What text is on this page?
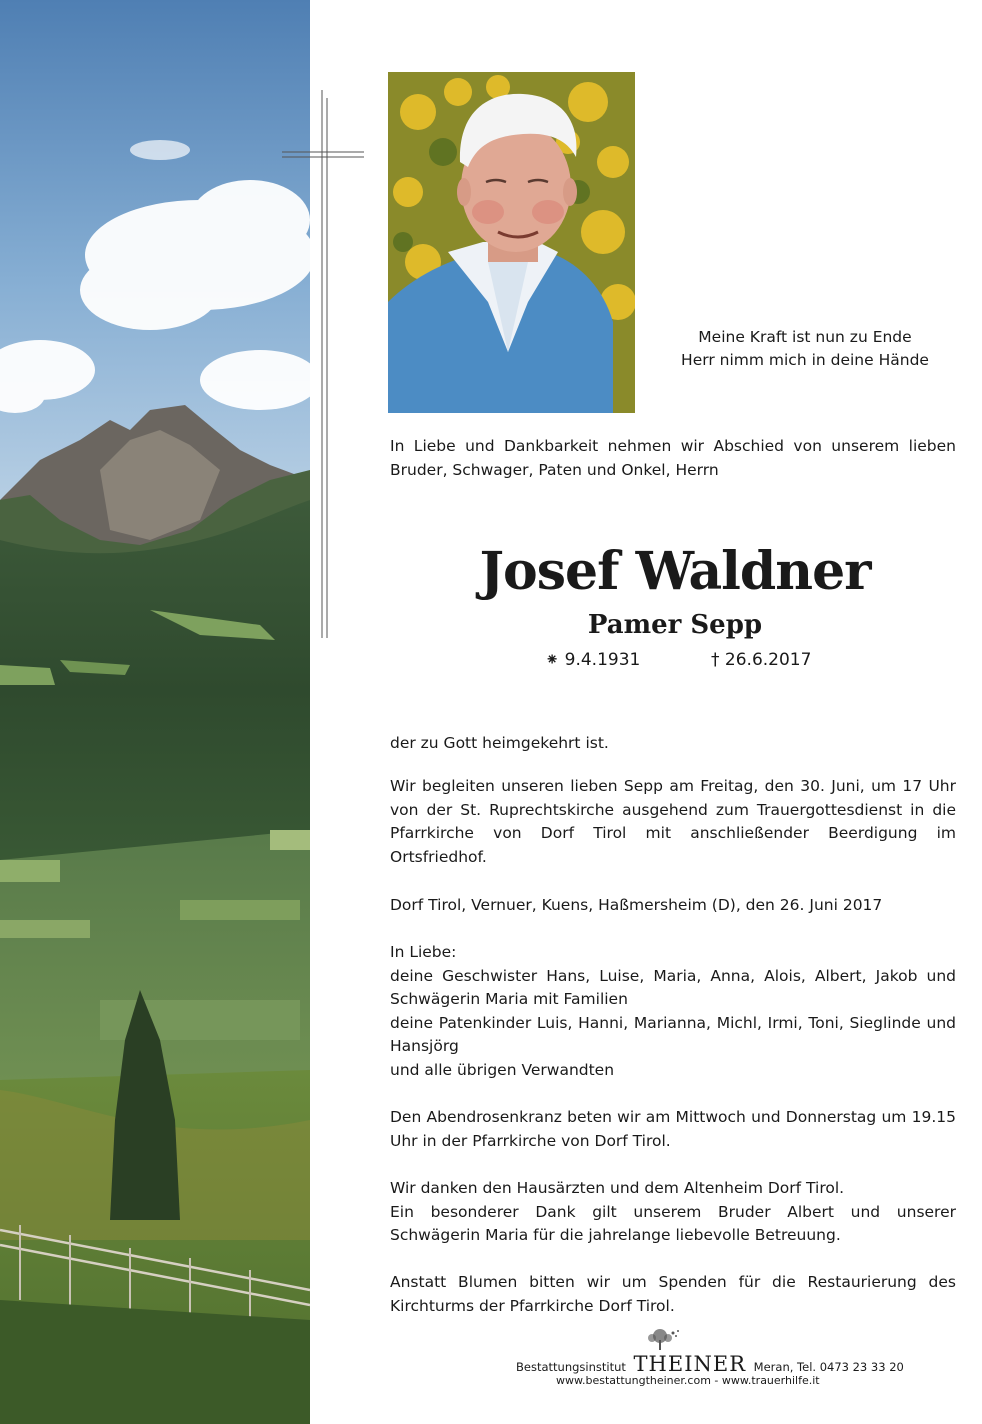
Meine Kraft ist nun zu Ende
Herr nimm mich in deine Hände

In Liebe und Dankbarkeit nehmen wir Abschied von unserem lieben Bruder, Schwager, Paten und Onkel, Herrn

Josef Waldner
Pamer Sepp
⁕ 9.4.1931	† 26.6.2017
der zu Gott heimgekehrt ist.

Wir begleiten unseren lieben Sepp am Freitag, den 30. Juni, um 17 Uhr von der St. Ruprechtskirche ausgehend zum Trauergottesdienst in die Pfarrkirche von Dorf Tirol mit anschließender Beerdigung im Ortsfriedhof.

Dorf Tirol, Vernuer, Kuens, Haßmersheim (D), den 26. Juni 2017

In Liebe:

deine Geschwister Hans, Luise, Maria, Anna, Alois, Albert, Jakob und Schwägerin Maria mit Familien

deine Patenkinder Luis, Hanni, Marianna, Michl, Irmi, Toni, Sieglinde und Hansjörg

und alle übrigen Verwandten

Den Abendrosenkranz beten wir am Mittwoch und Donnerstag um 19.15 Uhr in der Pfarrkirche von Dorf Tirol.

Wir danken den Hausärzten und dem Altenheim Dorf Tirol.

Ein besonderer Dank gilt unserem Bruder Albert und unserer Schwägerin Maria für die jahrelange liebevolle Betreuung.

Anstatt Blumen bitten wir um Spenden für die Restaurierung des Kirchturms der Pfarrkirche Dorf Tirol.

Bestattungsinstitut THEINER Meran, Tel. 0473 23 33 20
www.bestattungtheiner.com - www.trauerhilfe.it
